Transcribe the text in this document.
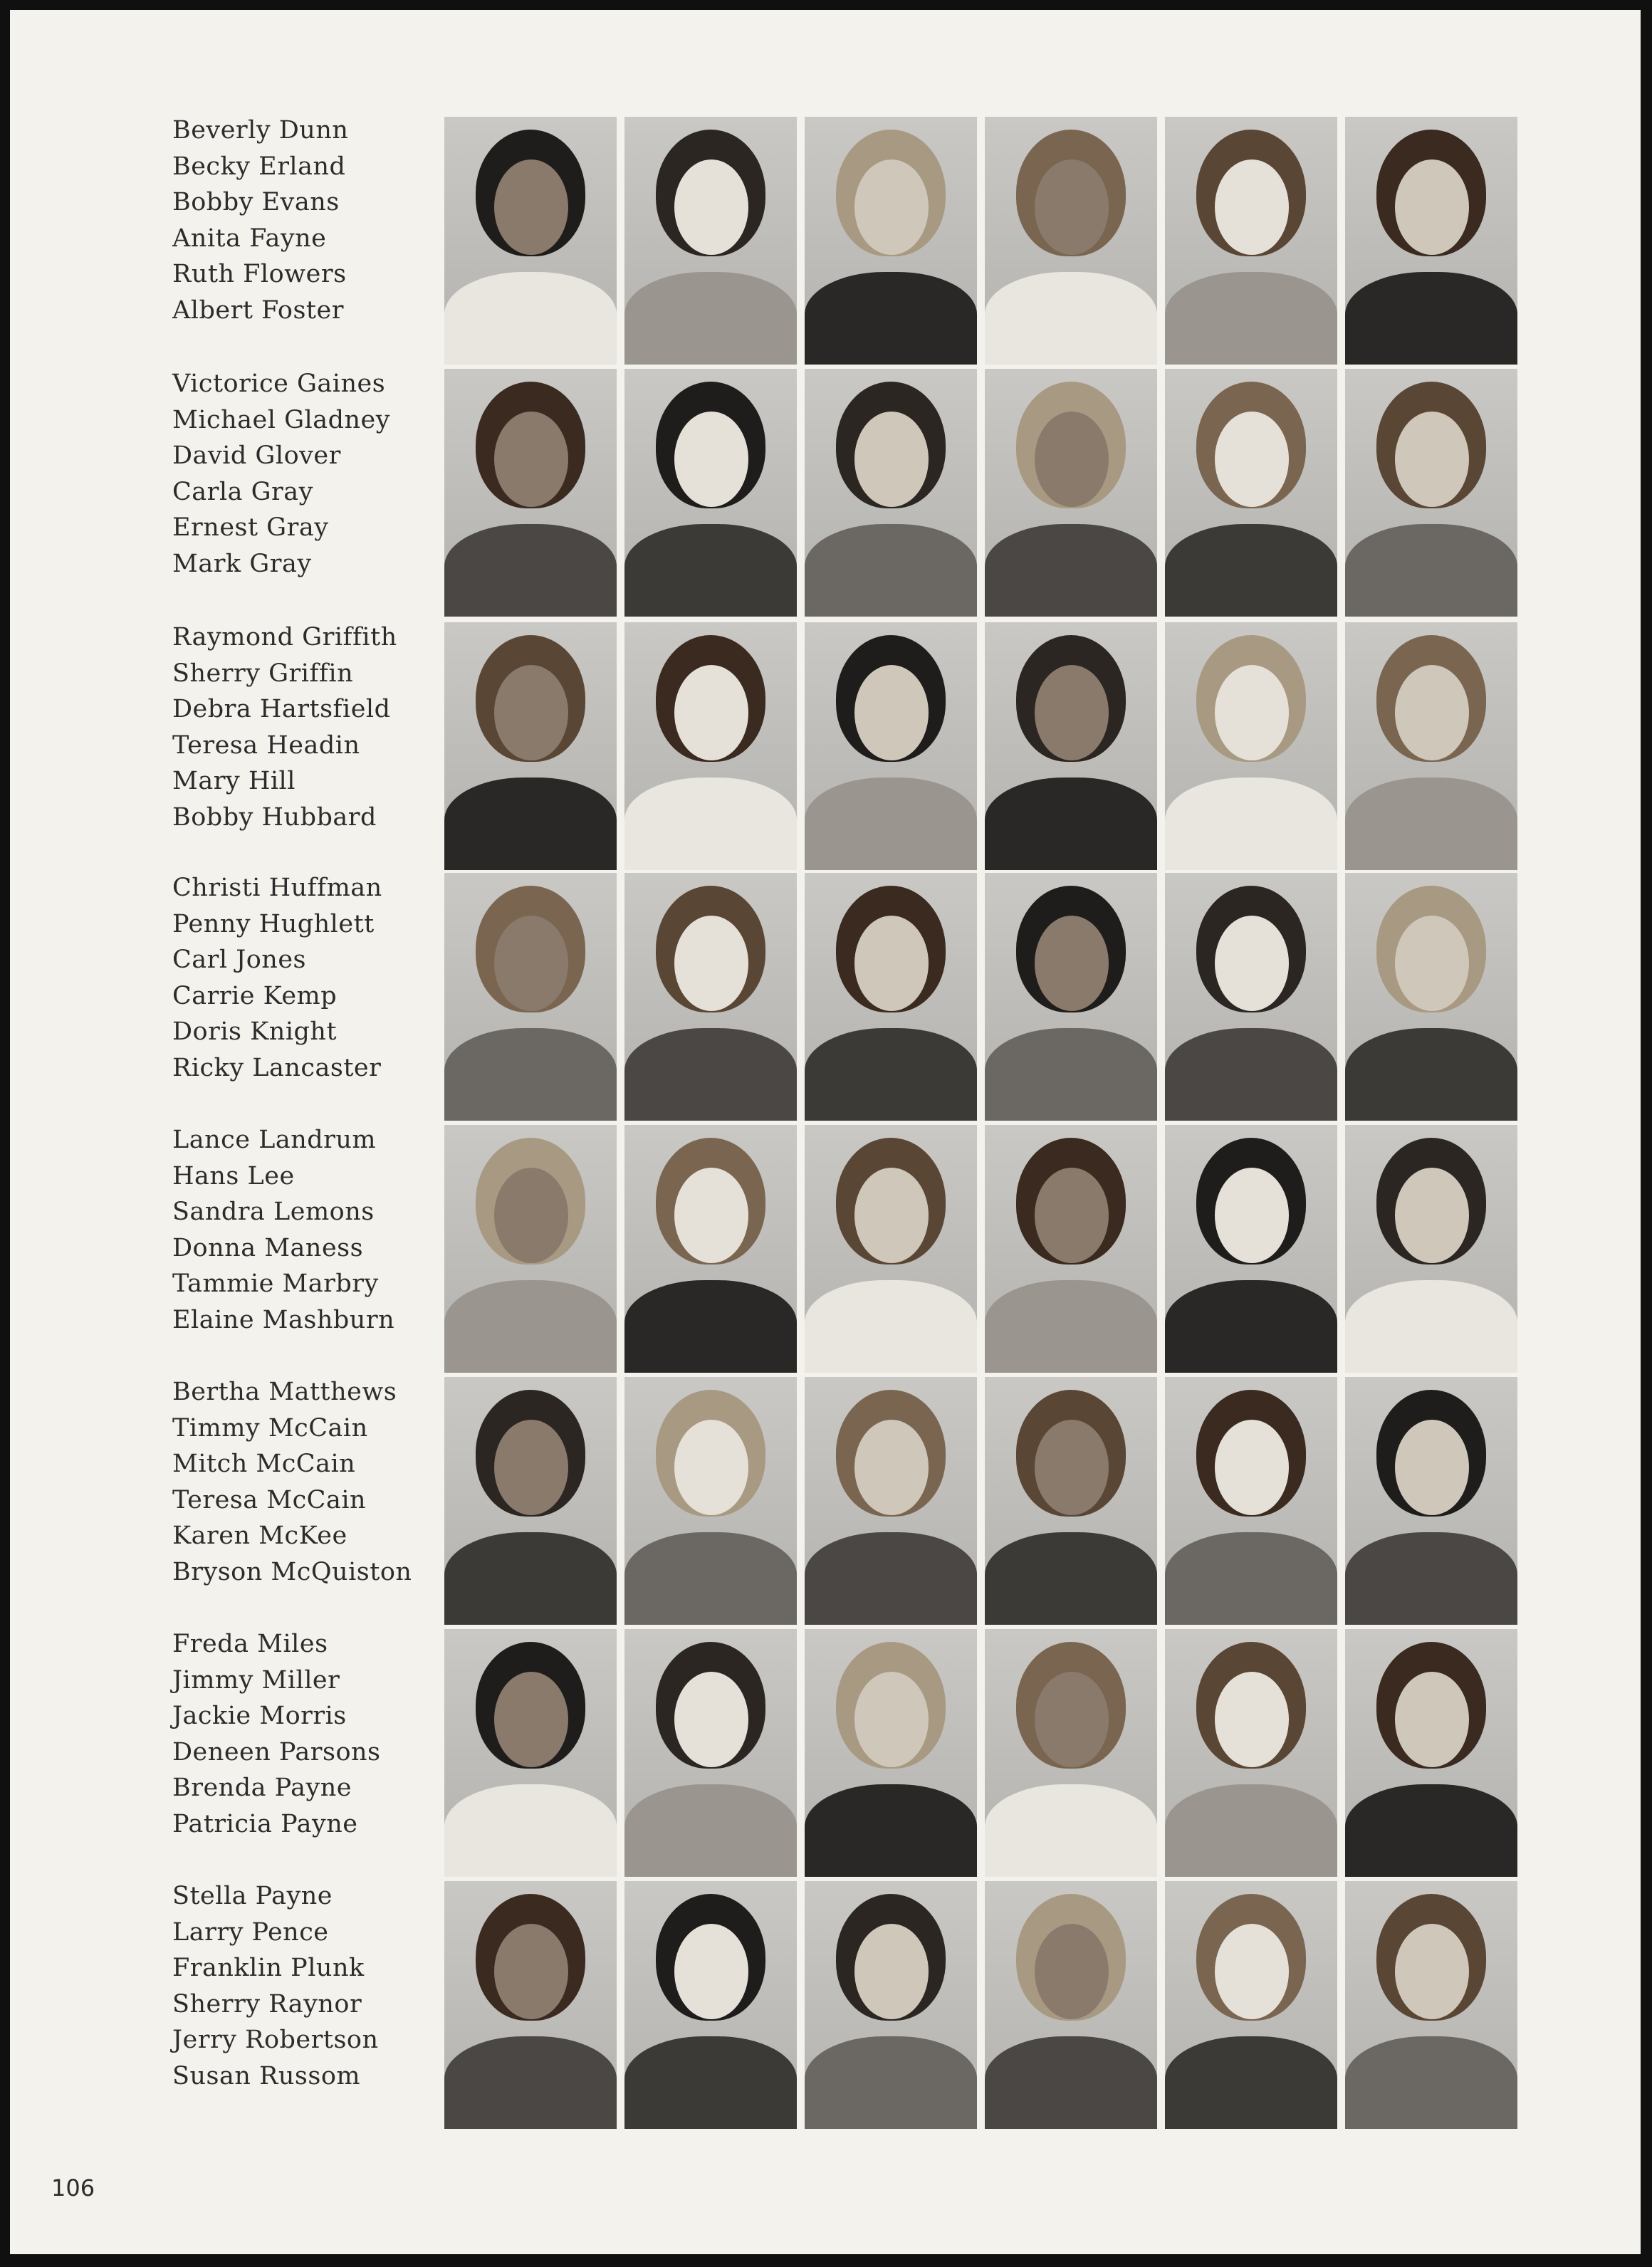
Beverly Dunn
Becky Erland
Bobby Evans
Anita Fayne
Ruth Flowers
Albert Foster
Victorice Gaines
Michael Gladney
David Glover
Carla Gray
Ernest Gray
Mark Gray
Raymond Griffith
Sherry Griffin
Debra Hartsfield
Teresa Headin
Mary Hill
Bobby Hubbard
Christi Huffman
Penny Hughlett
Carl Jones
Carrie Kemp
Doris Knight
Ricky Lancaster
Lance Landrum
Hans Lee
Sandra Lemons
Donna Maness
Tammie Marbry
Elaine Mashburn
Bertha Matthews
Timmy McCain
Mitch McCain
Teresa McCain
Karen McKee
Bryson McQuiston
Freda Miles
Jimmy Miller
Jackie Morris
Deneen Parsons
Brenda Payne
Patricia Payne
Stella Payne
Larry Pence
Franklin Plunk
Sherry Raynor
Jerry Robertson
Susan Russom
106
